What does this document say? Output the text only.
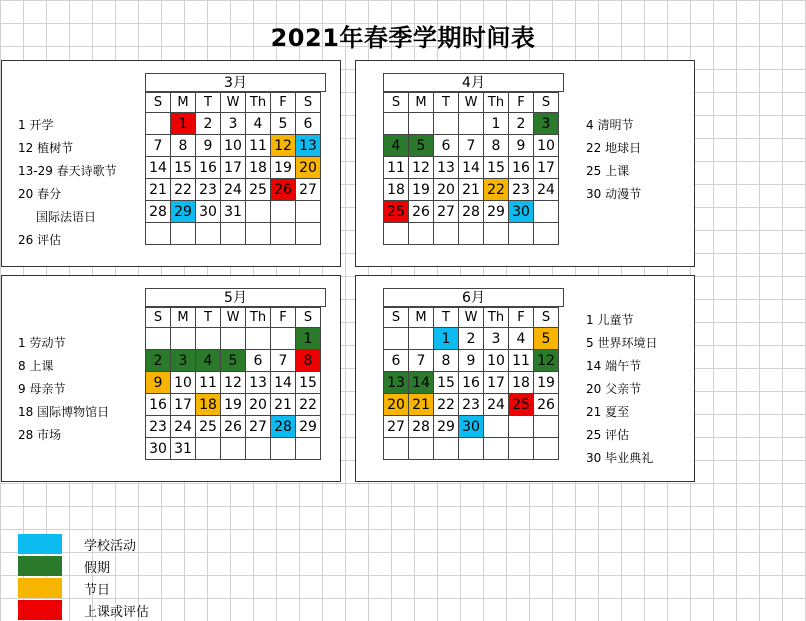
2021年春季学期时间表
3月	4月
5月	6月
S	M	T	W	Th	F	S
	1	2	3	4	5	6
7	8	9	10	11	12	13
14	15	16	17	18	19	20
21	22	23	24	25	26	27
28	29	30	31			

S	M	T	W	Th	F	S
				1	2	3
4	5	6	7	8	9	10
11	12	13	14	15	16	17
18	19	20	21	22	23	24
25	26	27	28	29	30	

S	M	T	W	Th	F	S
						1
2	3	4	5	6	7	8
9	10	11	12	13	14	15
16	17	18	19	20	21	22
23	24	25	26	27	28	29
30	31					
S	M	T	W	Th	F	S
		1	2	3	4	5
6	7	8	9	10	11	12
13	14	15	16	17	18	19
20	21	22	23	24	25	26
27	28	29	30			

1 开学
12 植树节
13-29 春天诗歌节
20 春分
国际法语日
26 评估
4 清明节
22 地球日
25 上课
30 动漫节
1 劳动节
8 上课
9 母亲节
18 国际博物馆日
28 市场
1 儿童节
5 世界环境日
14 端午节
20 父亲节
21 夏至
25 评估
30 毕业典礼
学校活动
假期
节日
上课或评估
